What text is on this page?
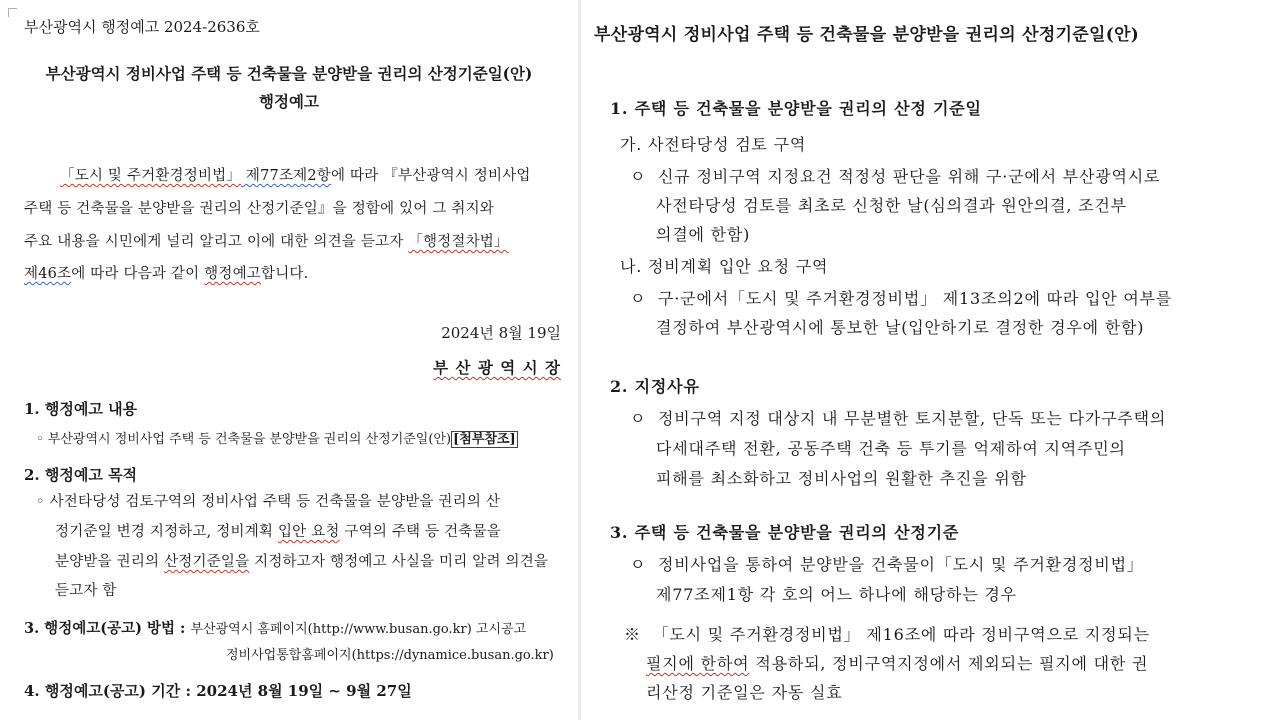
부산광역시 행정예고 2024-2636호
부산광역시 정비사업 주택 등 건축물을 분양받을 권리의 산정기준일(안)
행정예고
「도시 및 주거환경정비법」 제77조제2항에 따라 『부산광역시 정비사업
주택 등 건축물을 분양받을 권리의 산정기준일』을 정함에 있어 그 취지와
주요 내용을 시민에게 널리 알리고 이에 대한 의견을 듣고자 「행정절차법」
제46조에 따라 다음과 같이 행정예고합니다.
2024년 8월 19일
부 산 광 역 시 장
1. 행정예고 내용
◦ 부산광역시 정비사업 주택 등 건축물을 분양받을 권리의 산정기준일(안) [첨부참조]
2. 행정예고 목적
◦ 사전타당성 검토구역의 정비사업 주택 등 건축물을 분양받을 권리의 산
정기준일 변경 지정하고, 정비계획 입안 요청 구역의 주택 등 건축물을
분양받을 권리의 산정기준일을 지정하고자 행정예고 사실을 미리 알려 의견을
듣고자 함
3. 행정예고(공고) 방법 : 부산광역시 홈페이지(http://www.busan.go.kr) 고시공고
정비사업통합홈페이지(https://dynamice.busan.go.kr)
4. 행정예고(공고) 기간 : 2024년 8월 19일 ~ 9월 27일
부산광역시 정비사업 주택 등 건축물을 분양받을 권리의 산정기준일(안)
1. 주택 등 건축물을 분양받을 권리의 산정 기준일
가. 사전타당성 검토 구역
ㅇ 신규 정비구역 지정요건 적정성 판단을 위해 구·군에서 부산광역시로
사전타당성 검토를 최초로 신청한 날(심의결과 원안의결, 조건부
의결에 한함)
나. 정비계획 입안 요청 구역
ㅇ 구·군에서「도시 및 주거환경정비법」 제13조의2에 따라 입안 여부를
결정하여 부산광역시에 통보한 날(입안하기로 결정한 경우에 한함)
2. 지정사유
ㅇ 정비구역 지정 대상지 내 무분별한 토지분할, 단독 또는 다가구주택의
다세대주택 전환, 공동주택 건축 등 투기를 억제하여 지역주민의
피해를 최소화하고 정비사업의 원활한 추진을 위함
3. 주택 등 건축물을 분양받을 권리의 산정기준
ㅇ 정비사업을 통하여 분양받을 건축물이「도시 및 주거환경정비법」
제77조제1항 각 호의 어느 하나에 해당하는 경우
※ 「도시 및 주거환경정비법」 제16조에 따라 정비구역으로 지정되는
필지에 한하여 적용하되, 정비구역지정에서 제외되는 필지에 대한 권
리산정 기준일은 자동 실효
